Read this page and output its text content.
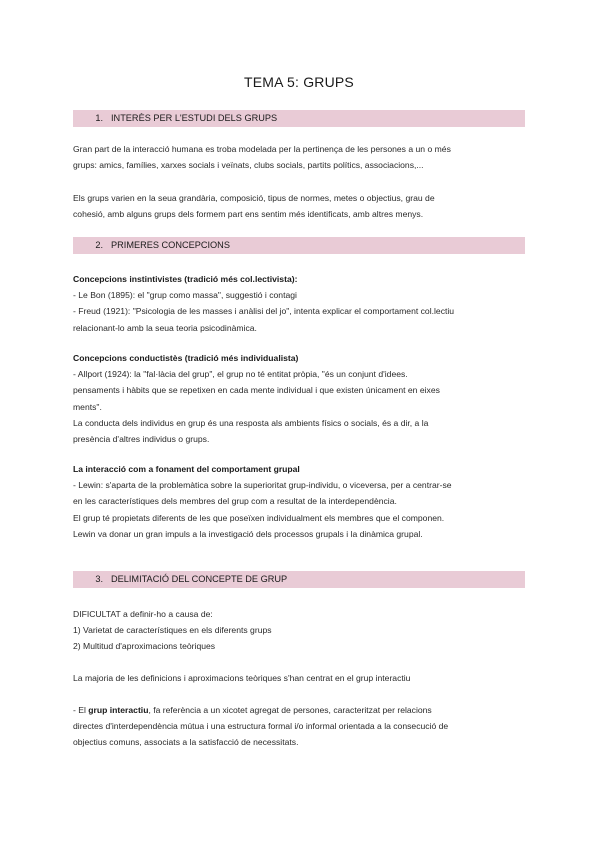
TEMA 5: GRUPS
1. INTERÈS PER L'ESTUDI DELS GRUPS

Gran part de la interacció humana es troba modelada per la pertinença de les persones a un o més

grups: amics, famílies, xarxes socials i veïnats, clubs socials, partits polítics, associacions,...

Els grups varien en la seua grandària, composició, tipus de normes, metes o objectius, grau de

cohesió, amb alguns grups dels formem part ens sentim més identificats, amb altres menys.

2. PRIMERES CONCEPCIONS

Concepcions instintivistes (tradició més col.lectivista):

- Le Bon (1895): el "grup como massa", suggestió i contagi

- Freud (1921): "Psicologia de les masses i anàlisi del jo", intenta explicar el comportament col.lectiu

relacionant-lo amb la seua teoria psicodinàmica.

Concepcions conductistès (tradició més individualista)

- Allport (1924): la "fal·làcia del grup", el grup no té entitat pròpia, "és un conjunt d'idees.

pensaments i hàbits que se repetixen en cada mente individual i que existen únicament en eixes

ments".

La conducta dels individus en grup és una resposta als ambients físics o socials, és a dir, a la

presència d'altres individus o grups.

La interacció com a fonament del comportament grupal

- Lewin: s'aparta de la problemàtica sobre la superioritat grup-individu, o viceversa, per a centrar-se

en les característiques dels membres del grup com a resultat de la interdependència.

El grup té propietats diferents de les que poseïxen individualment els membres que el componen.

Lewin va donar un gran impuls a la investigació dels processos grupals i la dinàmica grupal.

3. DELIMITACIÓ DEL CONCEPTE DE GRUP

DIFICULTAT a definir-ho a causa de:

1) Varietat de característiques en els diferents grups

2) Multitud d'aproximacions teòriques

La majoria de les definicions i aproximacions teòriques s'han centrat en el grup interactiu

- El grup interactiu, fa referència a un xicotet agregat de persones, caracteritzat per relacions

directes d'interdependència mútua i una estructura formal i/o informal orientada a la consecució de

objectius comuns, associats a la satisfacció de necessitats.
